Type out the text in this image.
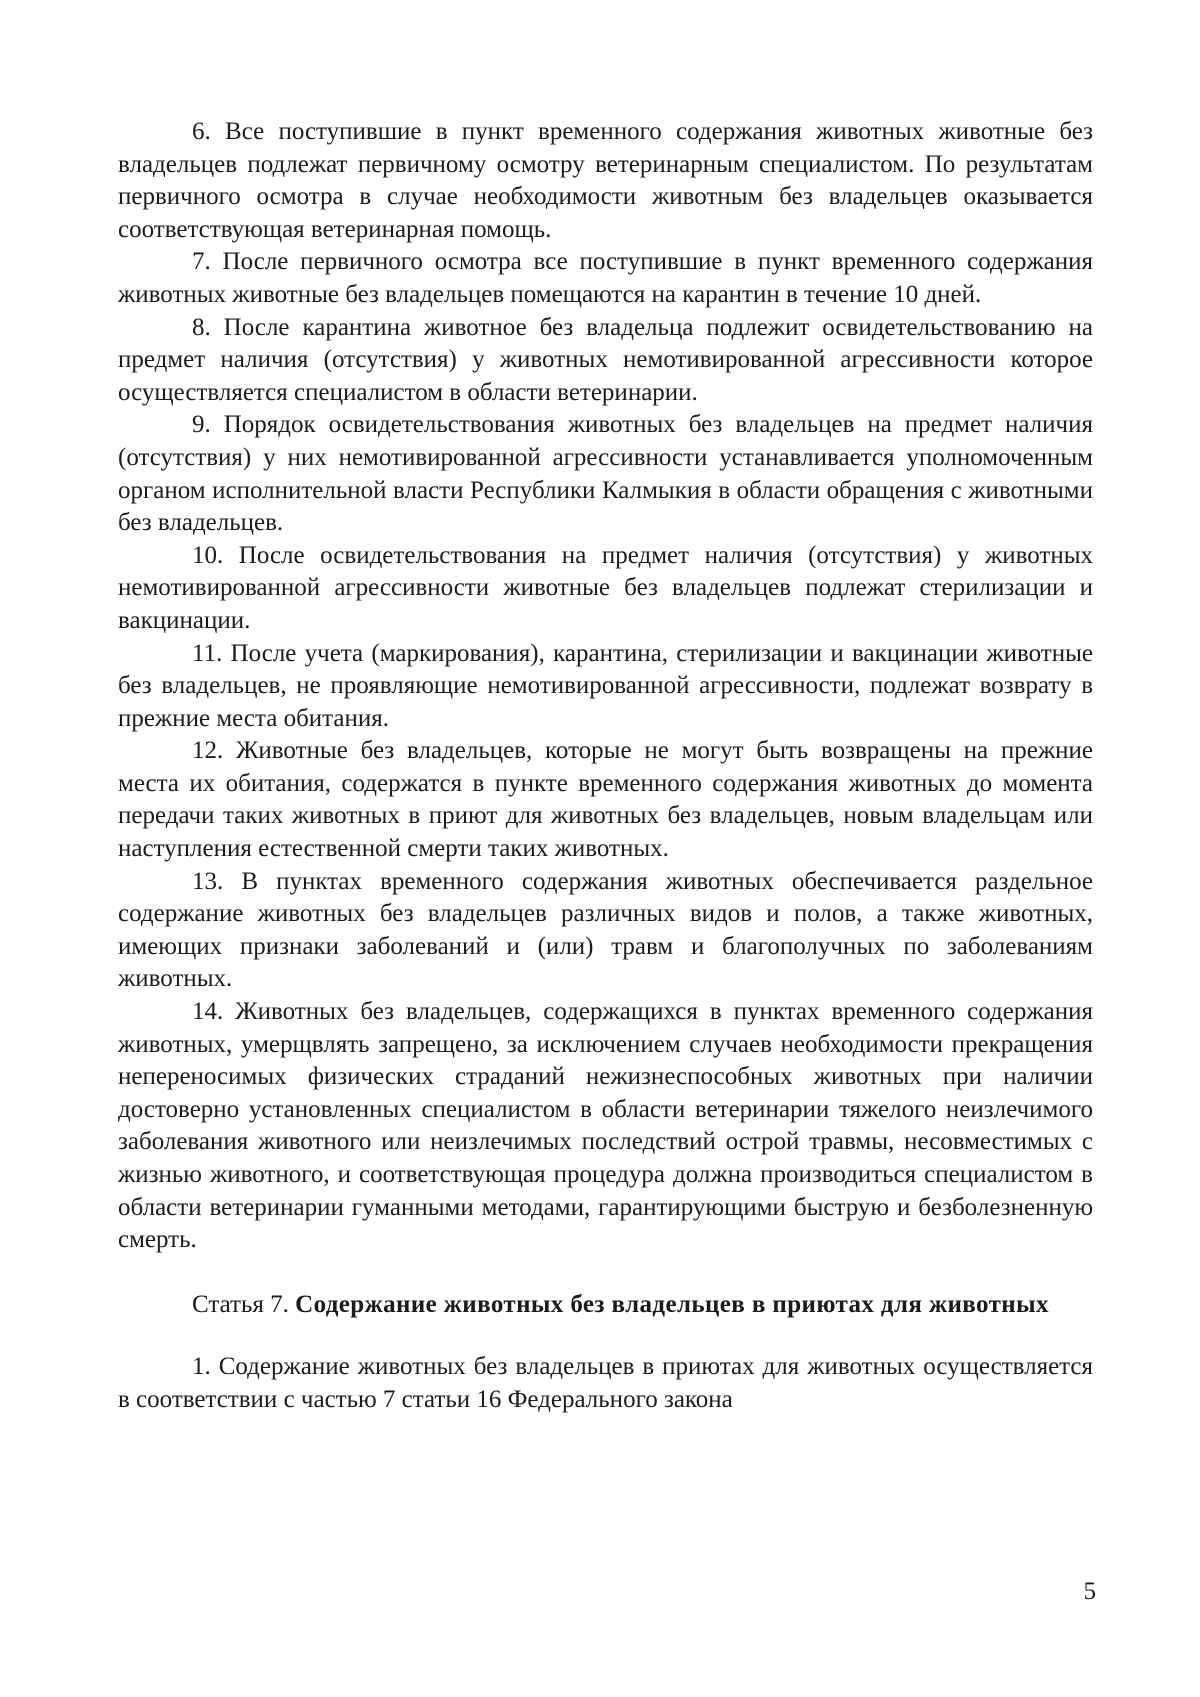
6. Все поступившие в пункт временного содержания животных животные без владельцев подлежат первичному осмотру ветеринарным специалистом. По результатам первичного осмотра в случае необходимости животным без владельцев оказывается соответствующая ветеринарная помощь.

7. После первичного осмотра все поступившие в пункт временного содержания животных животные без владельцев помещаются на карантин в течение 10 дней.

8. После карантина животное без владельца подлежит освидетельствованию на предмет наличия (отсутствия) у животных немотивированной агрессивности которое осуществляется специалистом в области ветеринарии.

9. Порядок освидетельствования животных без владельцев на предмет наличия (отсутствия) у них немотивированной агрессивности устанавливается уполномоченным органом исполнительной власти Республики Калмыкия в области обращения с животными без владельцев.

10. После освидетельствования на предмет наличия (отсутствия) у животных немотивированной агрессивности животные без владельцев подлежат стерилизации и вакцинации.

11. После учета (маркирования), карантина, стерилизации и вакцинации животные без владельцев, не проявляющие немотивированной агрессивности, подлежат возврату в прежние места обитания.

12. Животные без владельцев, которые не могут быть возвращены на прежние места их обитания, содержатся в пункте временного содержания животных до момента передачи таких животных в приют для животных без владельцев, новым владельцам или наступления естественной смерти таких животных.

13. В пунктах временного содержания животных обеспечивается раздельное содержание животных без владельцев различных видов и полов, а также животных, имеющих признаки заболеваний и (или) травм и благополучных по заболеваниям животных.

14. Животных без владельцев, содержащихся в пунктах временного содержания животных, умерщвлять запрещено, за исключением случаев необходимости прекращения непереносимых физических страданий нежизнеспособных животных при наличии достоверно установленных специалистом в области ветеринарии тяжелого неизлечимого заболевания животного или неизлечимых последствий острой травмы, несовместимых с жизнью животного, и соответствующая процедура должна производиться специалистом в области ветеринарии гуманными методами, гарантирующими быструю и безболезненную смерть.

Статья 7. Содержание животных без владельцев в приютах для животных

1. Содержание животных без владельцев в приютах для животных осуществляется в соответствии с частью 7 статьи 16 Федерального закона

5
